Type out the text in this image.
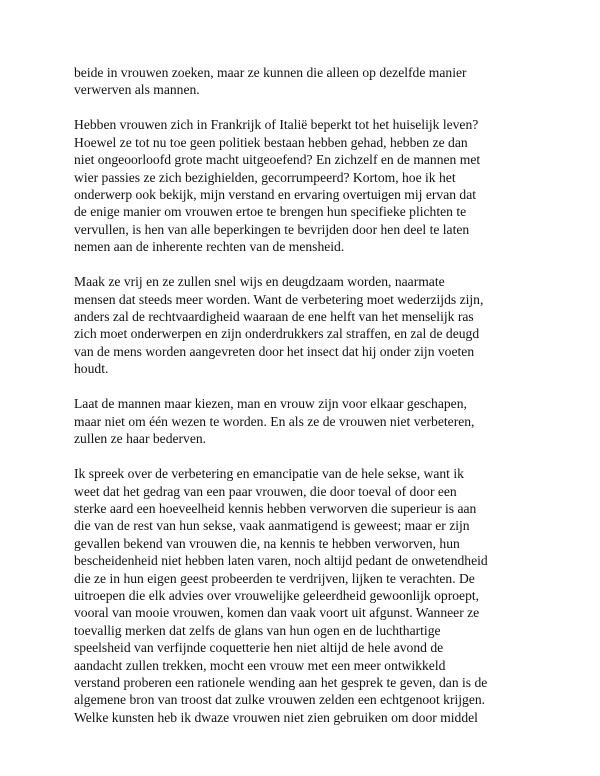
beide in vrouwen zoeken, maar ze kunnen die alleen op dezelfde manier
verwerven als mannen.

Hebben vrouwen zich in Frankrijk of Italië beperkt tot het huiselijk leven?
Hoewel ze tot nu toe geen politiek bestaan hebben gehad, hebben ze dan
niet ongeoorloofd grote macht uitgeoefend? En zichzelf en de mannen met
wier passies ze zich bezighielden, gecorrumpeerd? Kortom, hoe ik het
onderwerp ook bekijk, mijn verstand en ervaring overtuigen mij ervan dat
de enige manier om vrouwen ertoe te brengen hun specifieke plichten te
vervullen, is hen van alle beperkingen te bevrijden door hen deel te laten
nemen aan de inherente rechten van de mensheid.

Maak ze vrij en ze zullen snel wijs en deugdzaam worden, naarmate
mensen dat steeds meer worden. Want de verbetering moet wederzijds zijn,
anders zal de rechtvaardigheid waaraan de ene helft van het menselijk ras
zich moet onderwerpen en zijn onderdrukkers zal straffen, en zal de deugd
van de mens worden aangevreten door het insect dat hij onder zijn voeten
houdt.

Laat de mannen maar kiezen, man en vrouw zijn voor elkaar geschapen,
maar niet om één wezen te worden. En als ze de vrouwen niet verbeteren,
zullen ze haar bederven.

Ik spreek over de verbetering en emancipatie van de hele sekse, want ik
weet dat het gedrag van een paar vrouwen, die door toeval of door een
sterke aard een hoeveelheid kennis hebben verworven die superieur is aan
die van de rest van hun sekse, vaak aanmatigend is geweest; maar er zijn
gevallen bekend van vrouwen die, na kennis te hebben verworven, hun
bescheidenheid niet hebben laten varen, noch altijd pedant de onwetendheid
die ze in hun eigen geest probeerden te verdrijven, lijken te verachten. De
uitroepen die elk advies over vrouwelijke geleerdheid gewoonlijk oproept,
vooral van mooie vrouwen, komen dan vaak voort uit afgunst. Wanneer ze
toevallig merken dat zelfs de glans van hun ogen en de luchthartige
speelsheid van verfijnde coquetterie hen niet altijd de hele avond de
aandacht zullen trekken, mocht een vrouw met een meer ontwikkeld
verstand proberen een rationele wending aan het gesprek te geven, dan is de
algemene bron van troost dat zulke vrouwen zelden een echtgenoot krijgen.
Welke kunsten heb ik dwaze vrouwen niet zien gebruiken om door middel
